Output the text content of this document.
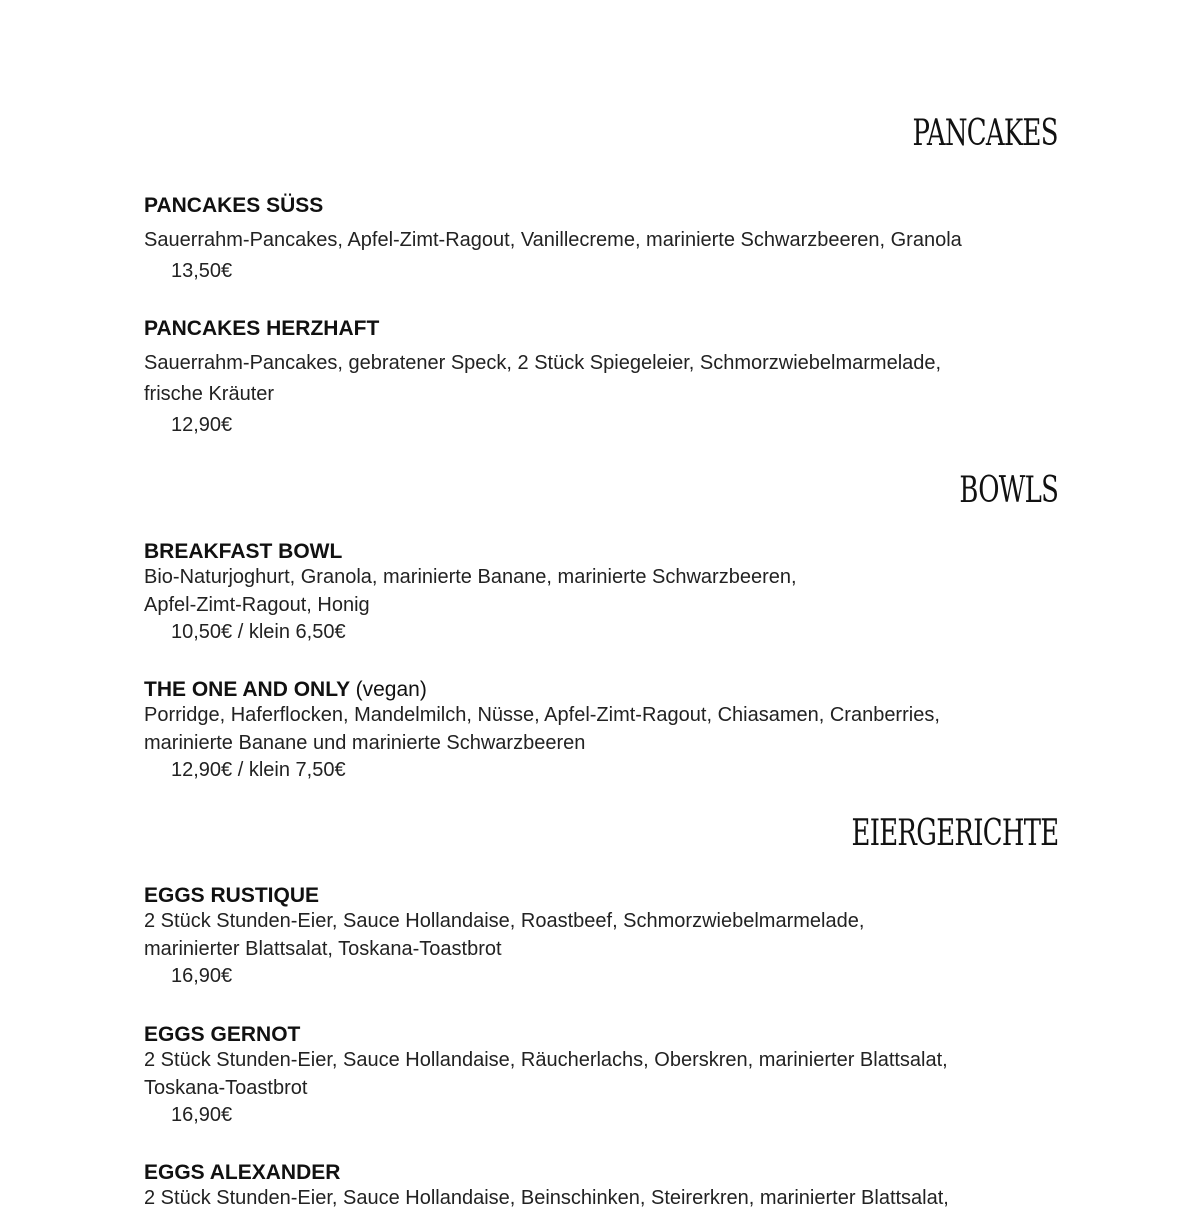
PANCAKES
PANCAKES SÜSS
Sauerrahm-Pancakes, Apfel-Zimt-Ragout, Vanillecreme, marinierte Schwarzbeeren, Granola
13,50€
PANCAKES HERZHAFT
Sauerrahm-Pancakes, gebratener Speck, 2 Stück Spiegeleier, Schmorzwiebelmarmelade,
frische Kräuter
12,90€
BOWLS
BREAKFAST BOWL
Bio-Naturjoghurt, Granola, marinierte Banane, marinierte Schwarzbeeren,
Apfel-Zimt-Ragout, Honig
10,50€ / klein 6,50€
THE ONE AND ONLY (vegan)
Porridge, Haferflocken, Mandelmilch, Nüsse, Apfel-Zimt-Ragout, Chiasamen, Cranberries,
marinierte Banane und marinierte Schwarzbeeren
12,90€ / klein 7,50€
EIERGERICHTE
EGGS RUSTIQUE
2 Stück Stunden-Eier, Sauce Hollandaise, Roastbeef, Schmorzwiebelmarmelade,
marinierter Blattsalat, Toskana-Toastbrot
16,90€
EGGS GERNOT
2 Stück Stunden-Eier, Sauce Hollandaise, Räucherlachs, Oberskren, marinierter Blattsalat,
Toskana-Toastbrot
16,90€
EGGS ALEXANDER
2 Stück Stunden-Eier, Sauce Hollandaise, Beinschinken, Steirerkren, marinierter Blattsalat,
